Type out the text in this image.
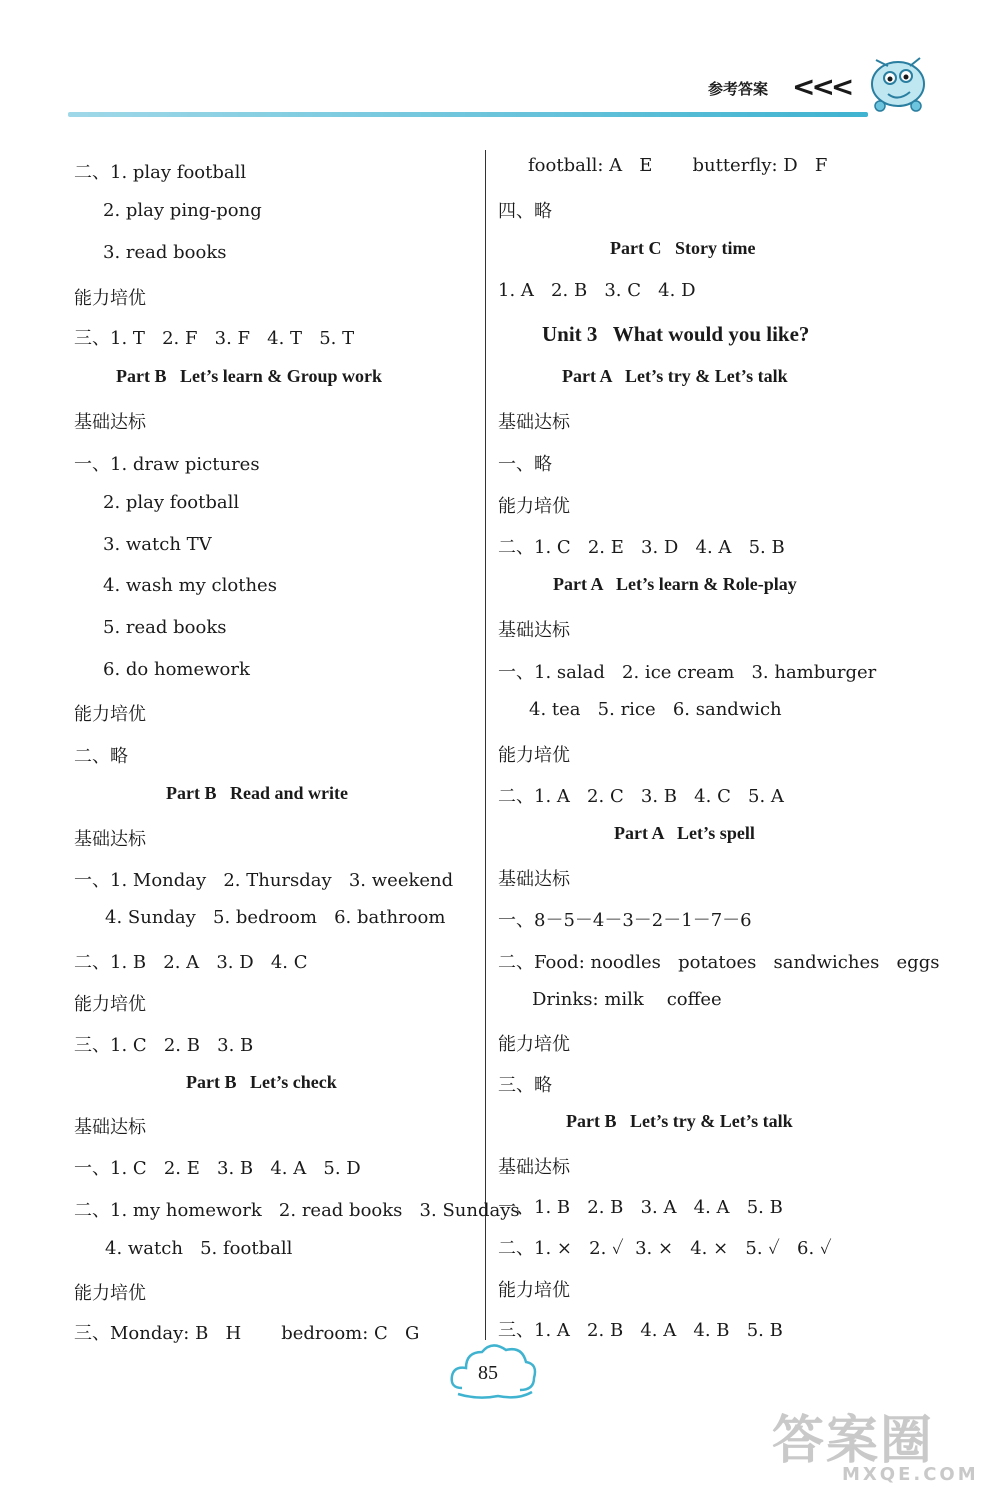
参考答案 <<<
85
答案圈
MXQE.COM
二、1. play football
2. play ping-pong
3. read books
能力培优
三、1. T   2. F   3. F   4. T   5. T
Part B   Let’s learn & Group work
基础达标
一、1. draw pictures
2. play football
3. watch TV
4. wash my clothes
5. read books
6. do homework
能力培优
二、略
Part B   Read and write
基础达标
一、1. Monday   2. Thursday   3. weekend
4. Sunday   5. bedroom   6. bathroom
二、1. B   2. A   3. D   4. C
能力培优
三、1. C   2. B   3. B
Part B   Let’s check
基础达标
一、1. C   2. E   3. B   4. A   5. D
二、1. my homework   2. read books   3. Sundays
4. watch   5. football
能力培优
三、Monday: B   H       bedroom: C   G
football: A   E       butterfly: D   F
四、略
Part C   Story time
1. A   2. B   3. C   4. D
Unit 3   What would you like?
Part A   Let’s try & Let’s talk
基础达标
一、略
能力培优
二、1. C   2. E   3. D   4. A   5. B
Part A   Let’s learn & Role-play
基础达标
一、1. salad   2. ice cream   3. hamburger
4. tea   5. rice   6. sandwich
能力培优
二、1. A   2. C   3. B   4. C   5. A
Part A   Let’s spell
基础达标
一、8－5－4－3－2－1－7－6
二、Food: noodles   potatoes   sandwiches   eggs
Drinks: milk    coffee
能力培优
三、略
Part B   Let’s try & Let’s talk
基础达标
一、1. B   2. B   3. A   4. A   5. B
二、1. ×   2. ✓  3. ×   4. ×   5. ✓   6. ✓
能力培优
三、1. A   2. B   4. A   4. B   5. B
